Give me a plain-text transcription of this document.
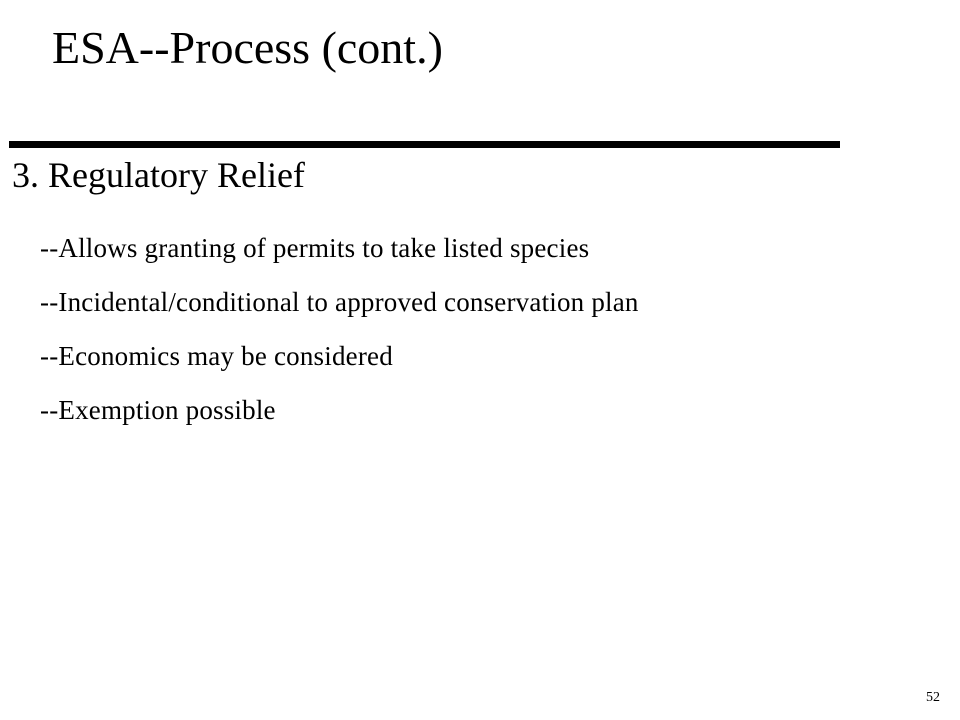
ESA--Process (cont.)
3. Regulatory Relief
--Allows granting of permits to take listed species
--Incidental/conditional to approved conservation plan
--Economics may be considered
--Exemption possible
52
